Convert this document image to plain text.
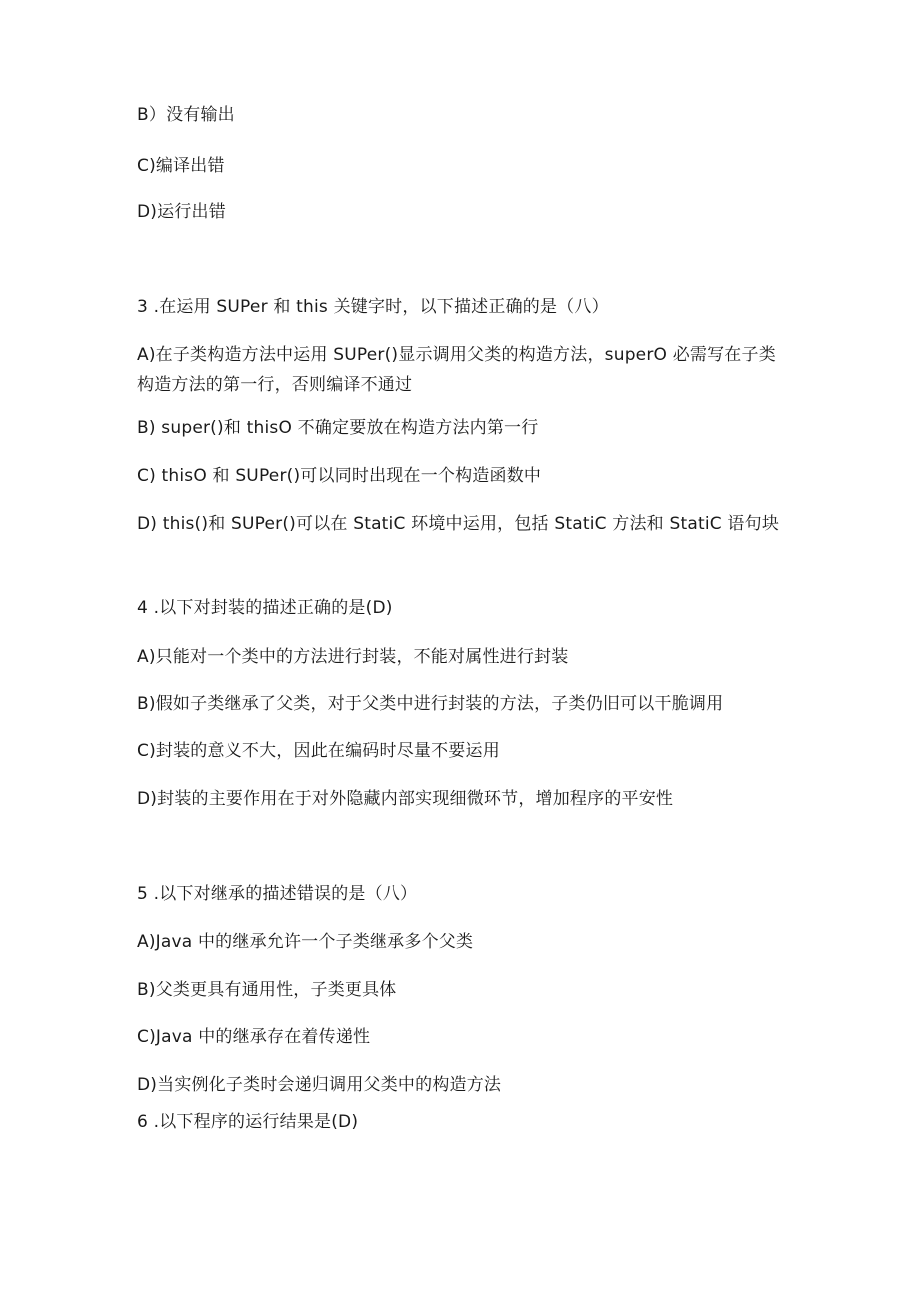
B）没有输出
C)编译出错
D)运行出错
3 .在运用 SUPer 和 this 关键字时，以下描述正确的是（八）
A)在子类构造方法中运用 SUPer()显示调用父类的构造方法，superO 必需写在子类构造方法的第一行，否则编译不通过
B) super()和 thisO 不确定要放在构造方法内第一行
C) thisO 和 SUPer()可以同时出现在一个构造函数中
D) this()和 SUPer()可以在 StatiC 环境中运用，包括 StatiC 方法和 StatiC 语句块
4 .以下对封装的描述正确的是(D)
A)只能对一个类中的方法进行封装，不能对属性进行封装
B)假如子类继承了父类，对于父类中进行封装的方法，子类仍旧可以干脆调用
C)封装的意义不大，因此在编码时尽量不要运用
D)封装的主要作用在于对外隐藏内部实现细微环节，增加程序的平安性
5 .以下对继承的描述错误的是（八）
A)Java 中的继承允许一个子类继承多个父类
B)父类更具有通用性，子类更具体
C)Java 中的继承存在着传递性
D)当实例化子类时会递归调用父类中的构造方法
6 .以下程序的运行结果是(D)
